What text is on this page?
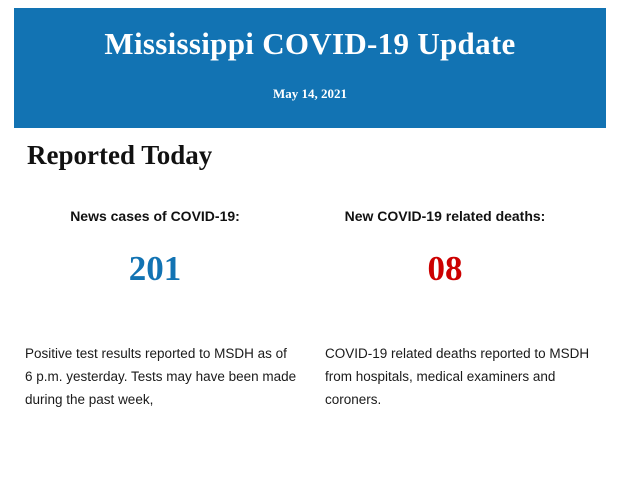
Mississippi COVID-19 Update
May 14, 2021
Reported Today
News cases of COVID-19:
201
New COVID-19 related deaths:
08
Positive test results reported to MSDH as of 6 p.m. yesterday. Tests may have been made during the past week,
COVID-19 related deaths reported to MSDH from hospitals, medical examiners and coroners.
